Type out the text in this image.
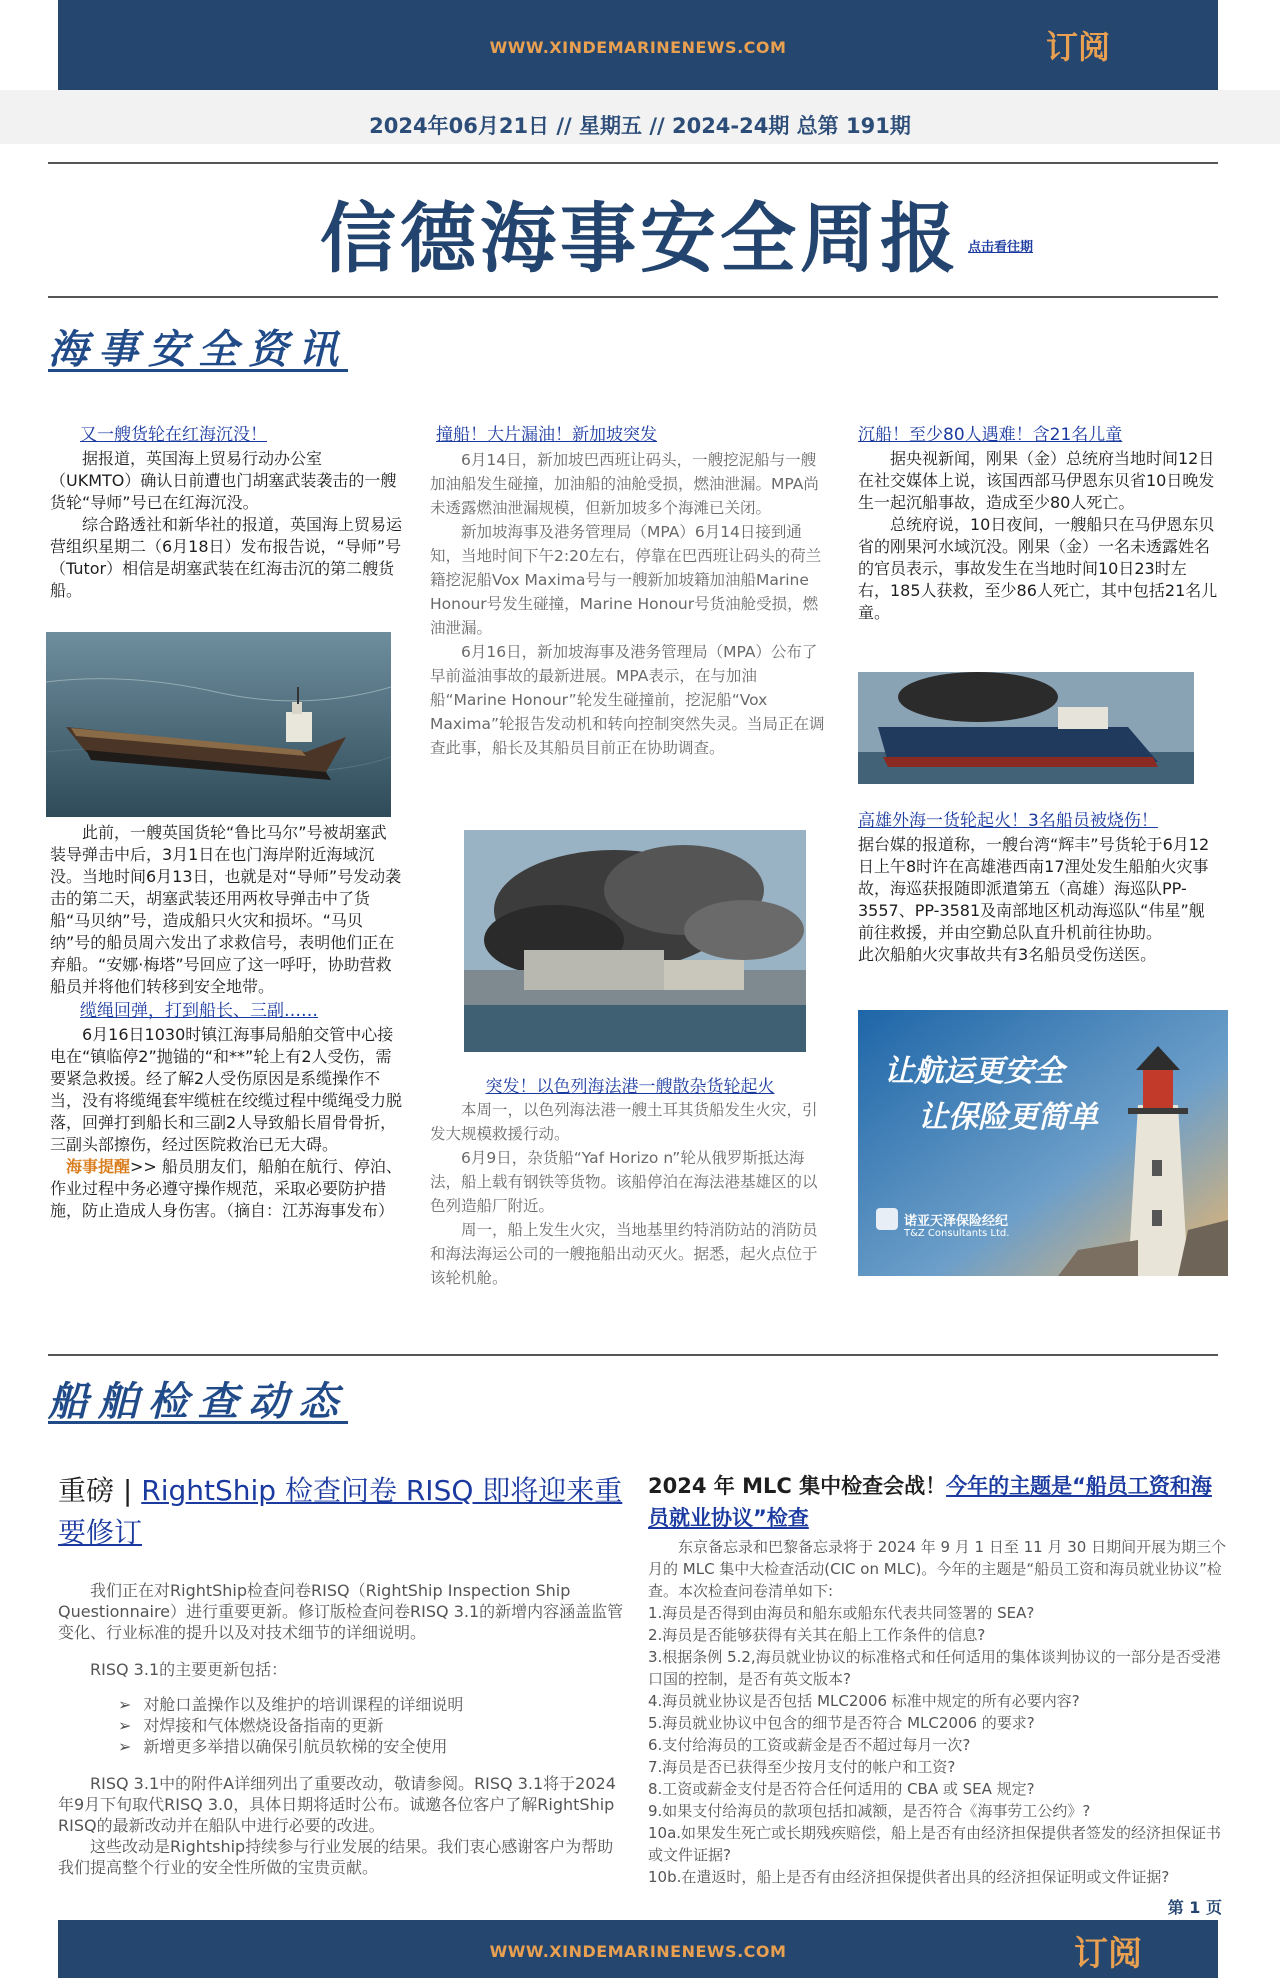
WWW.XINDEMARINENEWS.COM	订阅
2024年06月21日 // 星期五 // 2024-24期 总第 191期
信德海事安全周报 点击看往期
海事安全资讯
又一艘货轮在红海沉没！

据报道，英国海上贸易行动办公室（UKMTO）确认日前遭也门胡塞武装袭击的一艘货轮“导师”号已在红海沉没。

综合路透社和新华社的报道，英国海上贸易运营组织星期二（6月18日）发布报告说，“导师”号（Tutor）相信是胡塞武装在红海击沉的第二艘货船。

此前，一艘英国货轮“鲁比马尔”号被胡塞武装导弹击中后，3月1日在也门海岸附近海域沉没。当地时间6月13日，也就是对“导师”号发动袭击的第二天，胡塞武装还用两枚导弹击中了货船“马贝纳”号，造成船只火灾和损坏。“马贝纳”号的船员周六发出了求救信号，表明他们正在弃船。“安娜·梅塔”号回应了这一呼吁，协助营救船员并将他们转移到安全地带。

缆绳回弹，打到船长、三副……

6月16日1030时镇江海事局船舶交管中心接电在“镇临停2”抛锚的“和**”轮上有2人受伤，需要紧急救援。经了解2人受伤原因是系缆操作不当，没有将缆绳套牢缆桩在绞缆过程中缆绳受力脱落，回弹打到船长和三副2人导致船长眉骨骨折，三副头部擦伤，经过医院救治已无大碍。

海事提醒>> 船员朋友们，船舶在航行、停泊、作业过程中务必遵守操作规范，采取必要防护措施，防止造成人身伤害。（摘自：江苏海事发布）

撞船！大片漏油！新加坡突发

6月14日，新加坡巴西班让码头，一艘挖泥船与一艘加油船发生碰撞，加油船的油舱受损，燃油泄漏。MPA尚未透露燃油泄漏规模，但新加坡多个海滩已关闭。

新加坡海事及港务管理局（MPA）6月14日接到通知，当地时间下午2:20左右，停靠在巴西班让码头的荷兰籍挖泥船Vox Maxima号与一艘新加坡籍加油船Marine Honour号发生碰撞，Marine Honour号货油舱受损，燃油泄漏。

6月16日，新加坡海事及港务管理局（MPA）公布了早前溢油事故的最新进展。MPA表示，在与加油船“Marine Honour”轮发生碰撞前，挖泥船“Vox Maxima”轮报告发动机和转向控制突然失灵。当局正在调查此事，船长及其船员目前正在协助调查。

突发！以色列海法港一艘散杂货轮起火

本周一，以色列海法港一艘土耳其货船发生火灾，引发大规模救援行动。

6月9日，杂货船“Yaf Horizo n”轮从俄罗斯抵达海法，船上载有钢铁等货物。该船停泊在海法港基雄区的以色列造船厂附近。

周一，船上发生火灾，当地基里约特消防站的消防员和海法海运公司的一艘拖船出动灭火。据悉，起火点位于该轮机舱。

沉船！至少80人遇难！含21名儿童

据央视新闻，刚果（金）总统府当地时间12日在社交媒体上说，该国西部马伊恩东贝省10日晚发生一起沉船事故，造成至少80人死亡。

总统府说，10日夜间，一艘船只在马伊恩东贝省的刚果河水域沉没。刚果（金）一名未透露姓名的官员表示，事故发生在当地时间10日23时左右，185人获救，至少86人死亡，其中包括21名儿童。

高雄外海一货轮起火！3名船员被烧伤！

据台媒的报道称，一艘台湾“辉丰”号货轮于6月12日上午8时许在高雄港西南17浬处发生船舶火灾事故，海巡获报随即派遣第五（高雄）海巡队PP-3557、PP-3581及南部地区机动海巡队“伟星”舰前往救援，并由空勤总队直升机前往协助。

此次船舶火灾事故共有3名船员受伤送医。

让航运更安全
让保险更简单
诺亚天泽保险经纪
T&Z Consultants Ltd.
船舶检查动态
重磅 | RightShip 检查问卷 RISQ 即将迎来重要修订

我们正在对RightShip检查问卷RISQ（RightShip Inspection Ship Questionnaire）进行重要更新。修订版检查问卷RISQ 3.1的新增内容涵盖监管变化、行业标准的提升以及对技术细节的详细说明。

RISQ 3.1的主要更新包括：

➢ 对舱口盖操作以及维护的培训课程的详细说明
➢ 对焊接和气体燃烧设备指南的更新
➢ 新增更多举措以确保引航员软梯的安全使用

RISQ 3.1中的附件A详细列出了重要改动，敬请参阅。RISQ 3.1将于2024年9月下旬取代RISQ 3.0，具体日期将适时公布。诚邀各位客户了解RightShip RISQ的最新改动并在船队中进行必要的改进。

这些改动是Rightship持续参与行业发展的结果。我们衷心感谢客户为帮助我们提高整个行业的安全性所做的宝贵贡献。

2024 年 MLC 集中检查会战！今年的主题是“船员工资和海员就业协议”检查

东京备忘录和巴黎备忘录将于 2024 年 9 月 1 日至 11 月 30 日期间开展为期三个月的 MLC 集中大检查活动(CIC on MLC)。今年的主题是“船员工资和海员就业协议”检查。本次检查问卷清单如下:

1.海员是否得到由海员和船东或船东代表共同签署的 SEA?

2.海员是否能够获得有关其在船上工作条件的信息?

3.根据条例 5.2,海员就业协议的标准格式和任何适用的集体谈判协议的一部分是否受港口国的控制，是否有英文版本?

4.海员就业协议是否包括 MLC2006 标准中规定的所有必要内容?

5.海员就业协议中包含的细节是否符合 MLC2006 的要求?

6.支付给海员的工资或薪金是否不超过每月一次?

7.海员是否已获得至少按月支付的帐户和工资?

8.工资或薪金支付是否符合任何适用的 CBA 或 SEA 规定?

9.如果支付给海员的款项包括扣减额，是否符合《海事劳工公约》?

10a.如果发生死亡或长期残疾赔偿，船上是否有由经济担保提供者签发的经济担保证书或文件证据?

10b.在遣返时，船上是否有由经济担保提供者出具的经济担保证明或文件证据?

第 1 页
WWW.XINDEMARINENEWS.COM	订阅
